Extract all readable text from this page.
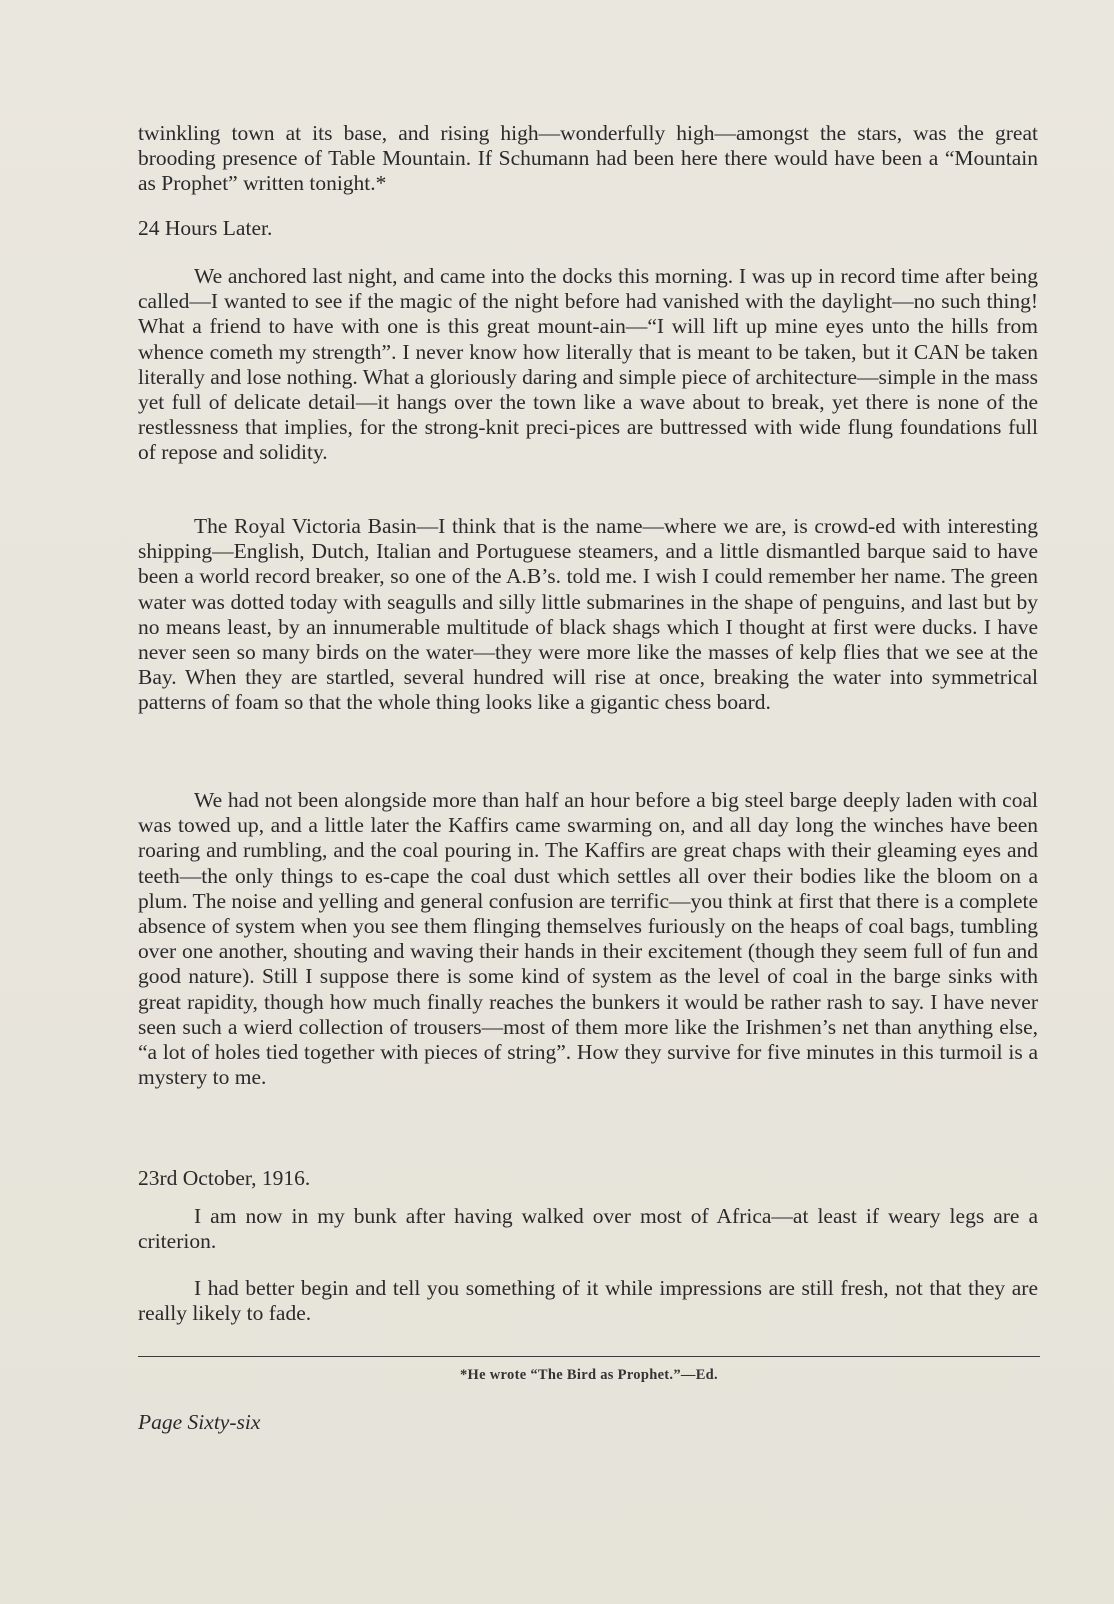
twinkling town at its base, and rising high—wonderfully high—amongst the stars, was the great brooding presence of Table Mountain. If Schumann had been here there would have been a “Mountain as Prophet” written tonight.*

24 Hours Later.

We anchored last night, and came into the docks this morning. I was up in record time after being called—I wanted to see if the magic of the night before had vanished with the daylight—no such thing! What a friend to have with one is this great mount-ain—“I will lift up mine eyes unto the hills from whence cometh my strength”. I never know how literally that is meant to be taken, but it CAN be taken literally and lose nothing. What a gloriously daring and simple piece of architecture—simple in the mass yet full of delicate detail—it hangs over the town like a wave about to break, yet there is none of the restlessness that implies, for the strong-knit preci-pices are buttressed with wide flung foundations full of repose and solidity.

The Royal Victoria Basin—I think that is the name—where we are, is crowd-ed with interesting shipping—English, Dutch, Italian and Portuguese steamers, and a little dismantled barque said to have been a world record breaker, so one of the A.B’s. told me. I wish I could remember her name. The green water was dotted today with seagulls and silly little submarines in the shape of penguins, and last but by no means least, by an innumerable multitude of black shags which I thought at first were ducks. I have never seen so many birds on the water—they were more like the masses of kelp flies that we see at the Bay. When they are startled, several hundred will rise at once, breaking the water into symmetrical patterns of foam so that the whole thing looks like a gigantic chess board.

We had not been alongside more than half an hour before a big steel barge deeply laden with coal was towed up, and a little later the Kaffirs came swarming on, and all day long the winches have been roaring and rumbling, and the coal pouring in. The Kaffirs are great chaps with their gleaming eyes and teeth—the only things to es-cape the coal dust which settles all over their bodies like the bloom on a plum. The noise and yelling and general confusion are terrific—you think at first that there is a complete absence of system when you see them flinging themselves furiously on the heaps of coal bags, tumbling over one another, shouting and waving their hands in their excitement (though they seem full of fun and good nature). Still I suppose there is some kind of system as the level of coal in the barge sinks with great rapidity, though how much finally reaches the bunkers it would be rather rash to say. I have never seen such a wierd collection of trousers—most of them more like the Irishmen’s net than anything else, “a lot of holes tied together with pieces of string”. How they survive for five minutes in this turmoil is a mystery to me.

23rd October, 1916.

I am now in my bunk after having walked over most of Africa—at least if weary legs are a criterion.

I had better begin and tell you something of it while impressions are still fresh, not that they are really likely to fade.

*He wrote “The Bird as Prophet.”—Ed.
Page Sixty-six
